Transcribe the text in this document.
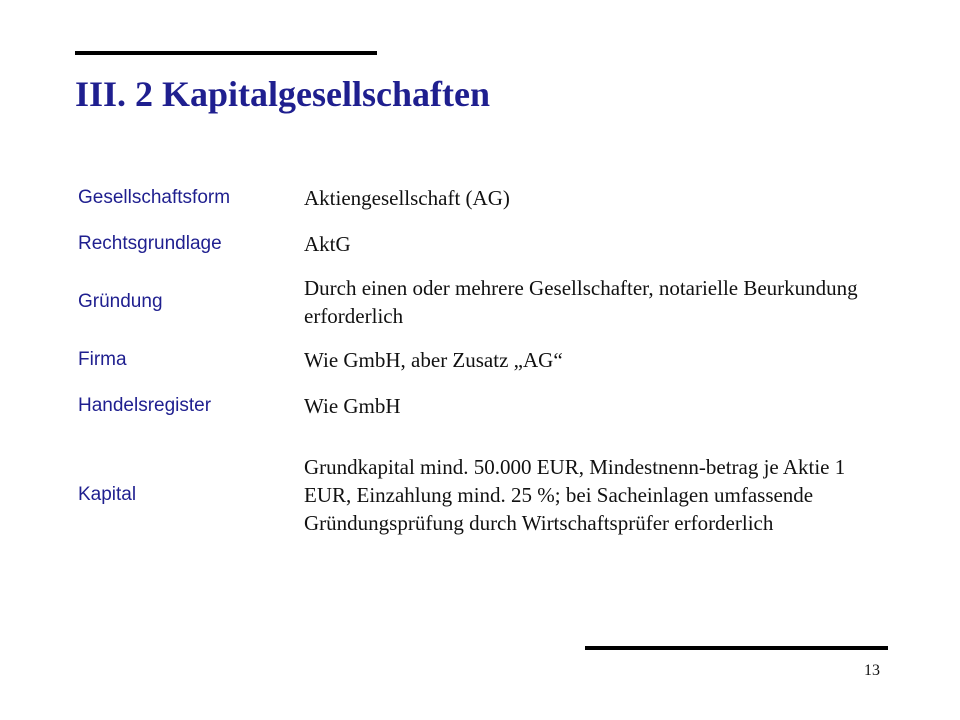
III. 2 Kapitalgesellschaften
Gesellschaftsform	Aktiengesellschaft (AG)
Rechtsgrundlage	AktG
Gründung	Durch einen oder mehrere Gesellschafter, notarielle Beurkundung erforderlich
Firma	Wie GmbH, aber Zusatz „AG“
Handelsregister	Wie GmbH
Kapital	Grundkapital mind. 50.000 EUR, Mindestnenn-betrag je Aktie 1 EUR, Einzahlung mind. 25 %; bei Sacheinlagen umfassende Gründungsprüfung durch Wirtschaftsprüfer erforderlich
13
